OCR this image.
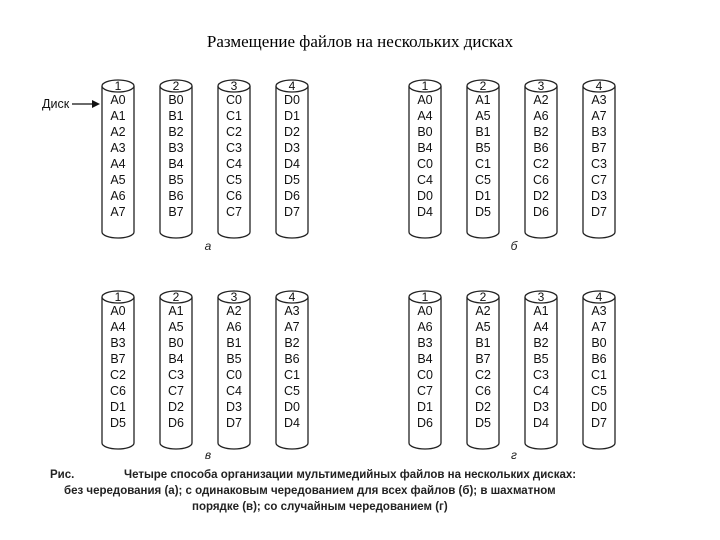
Размещение файлов на нескольких дисках
1
A0
A1
A2
A3
A4
A5
A6
A7
2
B0
B1
B2
B3
B4
B5
B6
B7
3
C0
C1
C2
C3
C4
C5
C6
C7
4
D0
D1
D2
D3
D4
D5
D6
D7
а
1
A0
A4
B0
B4
C0
C4
D0
D4
2
A1
A5
B1
B5
C1
C5
D1
D5
3
A2
A6
B2
B6
C2
C6
D2
D6
4
A3
A7
B3
B7
C3
C7
D3
D7
б
1
A0
A4
B3
B7
C2
C6
D1
D5
2
A1
A5
B0
B4
C3
C7
D2
D6
3
A2
A6
B1
B5
C0
C4
D3
D7
4
A3
A7
B2
B6
C1
C5
D0
D4
в
1
A0
A6
B3
B4
C0
C7
D1
D6
2
A2
A5
B1
B7
C2
C6
D2
D5
3
A1
A4
B2
B5
C3
C4
D3
D4
4
A3
A7
B0
B6
C1
C5
D0
D7
г
Диск
Рис.	Четыре способа организации мультимедийных файлов на нескольких дисках:
без чередования (а); с одинаковым чередованием для всех файлов (б); в шахматном
порядке (в); со случайным чередованием (г)
